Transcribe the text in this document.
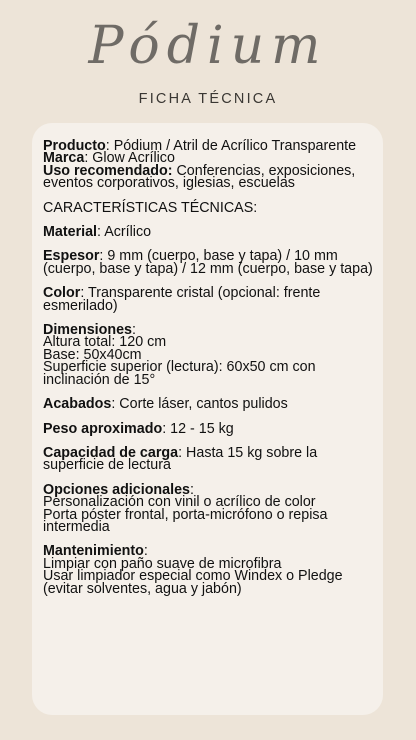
Pódium
FICHA TÉCNICA

Producto: Pódium / Atril de Acrílico Transparente

Marca: Glow Acrílico

Uso recomendado: Conferencias, exposiciones, eventos corporativos, iglesias, escuelas

CARACTERÍSTICAS TÉCNICAS:

Material: Acrílico

Espesor: 9 mm (cuerpo, base y tapa) / 10 mm (cuerpo, base y tapa) / 12 mm (cuerpo, base y tapa)

Color: Transparente cristal (opcional: frente esmerilado)

Dimensiones:
Altura total: 120 cm
Base: 50x40cm
Superficie superior (lectura): 60x50 cm con inclinación de 15°

Acabados: Corte láser, cantos pulidos

Peso aproximado: 12 - 15 kg

Capacidad de carga: Hasta 15 kg sobre la superficie de lectura

Opciones adicionales:
Personalización con vinil o acrílico de color
Porta póster frontal, porta-micrófono o repisa intermedia

Mantenimiento:
Limpiar con paño suave de microfibra
Usar limpiador especial como Windex o Pledge (evitar solventes, agua y jabón)
